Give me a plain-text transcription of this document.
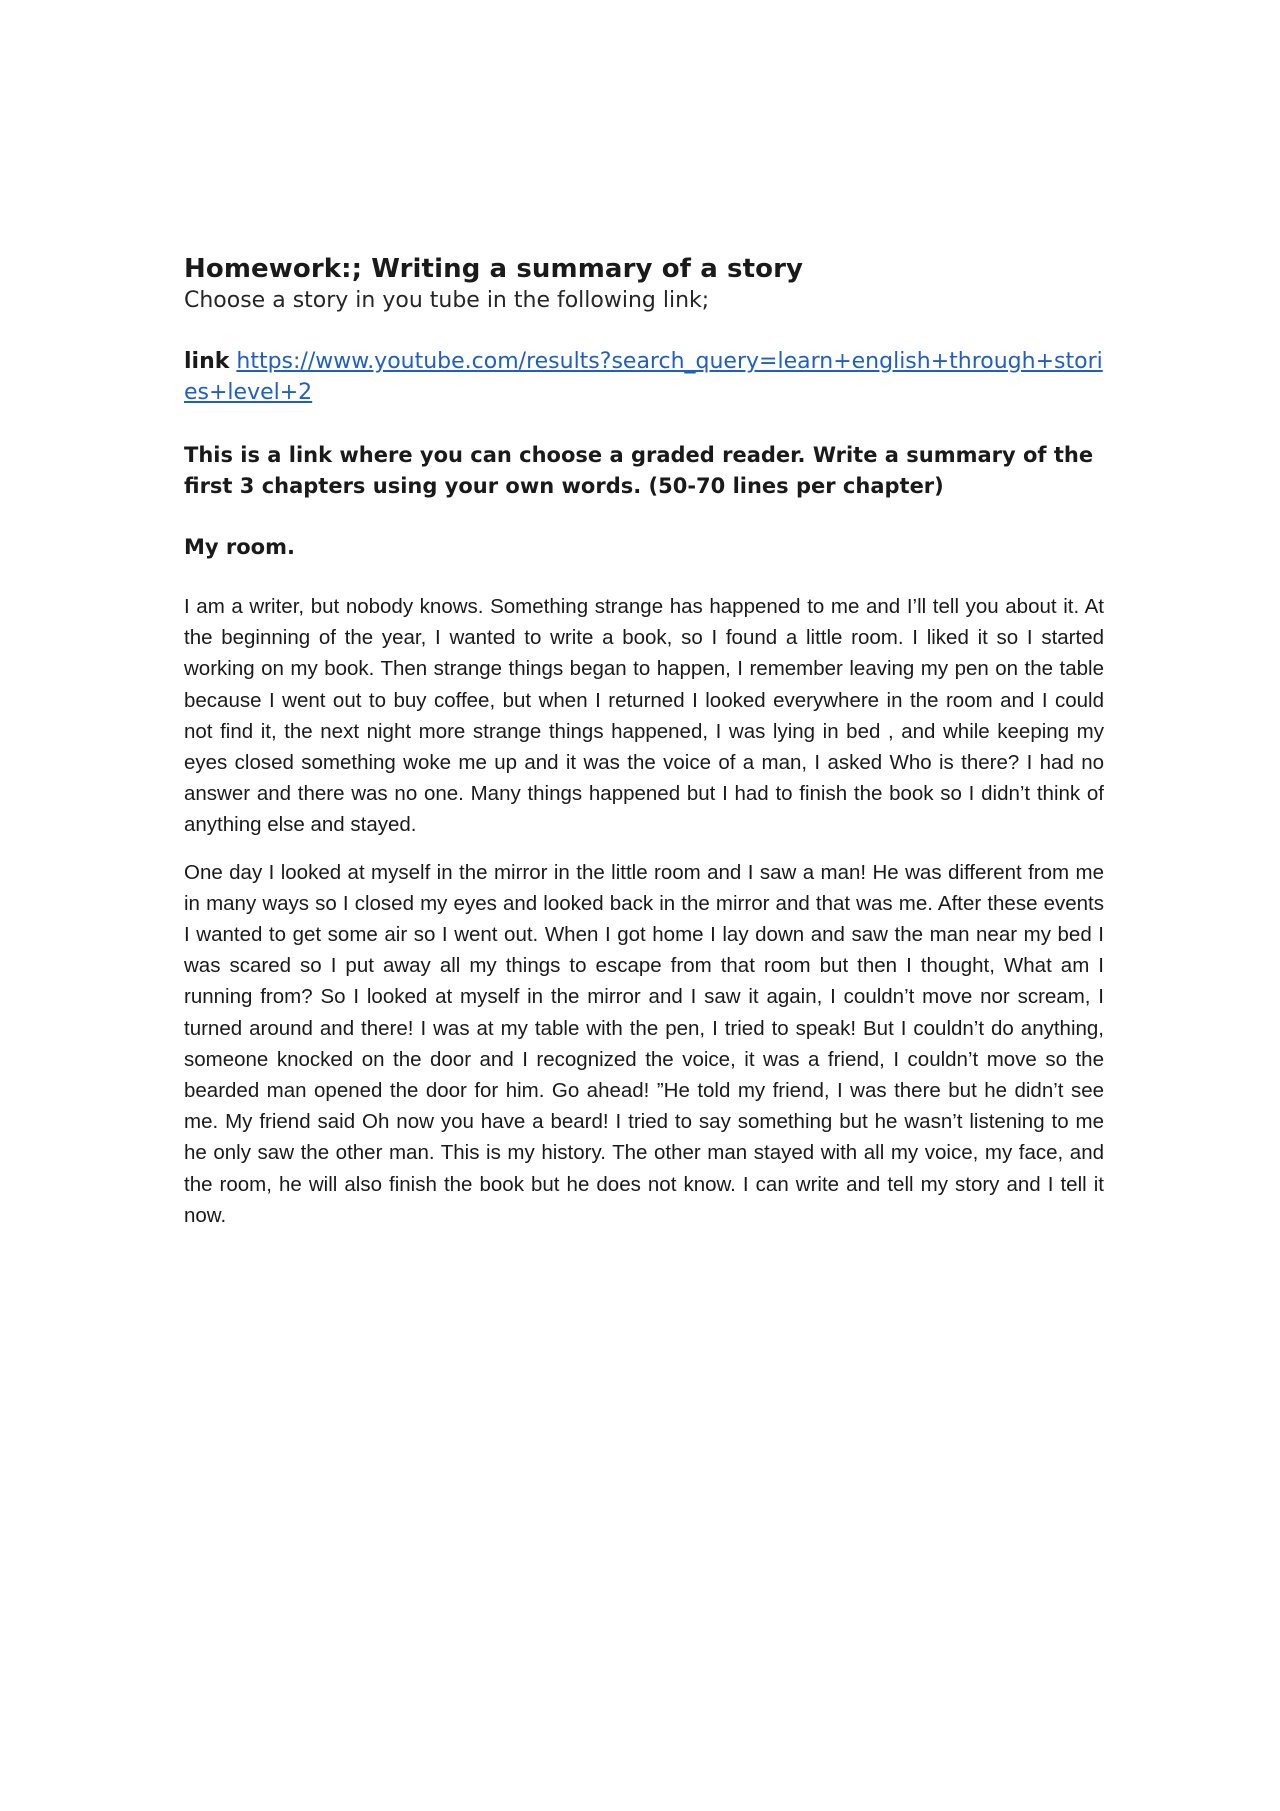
Homework:; Writing a summary of a story

Choose a story in you tube in the following link;

link https://www.youtube.com/results?search_query=learn+english+through+stories+level+2

This is a link where you can choose a graded reader. Write a summary of the first 3 chapters using your own words. (50-70 lines per chapter)

My room.

I am a writer, but nobody knows. Something strange has happened to me and I’ll tell you about it. At the beginning of the year, I wanted to write a book, so I found a little room. I liked it so I started working on my book. Then strange things began to happen, I remember leaving my pen on the table because I went out to buy coffee, but when I returned I looked everywhere in the room and I could not find it, the next night more strange things happened, I was lying in bed , and while keeping my eyes closed something woke me up and it was the voice of a man, I asked Who is there? I had no answer and there was no one. Many things happened but I had to finish the book so I didn’t think of anything else and stayed.

One day I looked at myself in the mirror in the little room and I saw a man! He was different from me in many ways so I closed my eyes and looked back in the mirror and that was me. After these events I wanted to get some air so I went out. When I got home I lay down and saw the man near my bed I was scared so I put away all my things to escape from that room but then I thought, What am I running from? So I looked at myself in the mirror and I saw it again, I couldn’t move nor scream, I turned around and there! I was at my table with the pen, I tried to speak! But I couldn’t do anything, someone knocked on the door and I recognized the voice, it was a friend, I couldn’t move so the bearded man opened the door for him. Go ahead! ”He told my friend, I was there but he didn’t see me. My friend said Oh now you have a beard! I tried to say something but he wasn’t listening to me he only saw the other man. This is my history. The other man stayed with all my voice, my face, and the room, he will also finish the book but he does not know. I can write and tell my story and I tell it now.
